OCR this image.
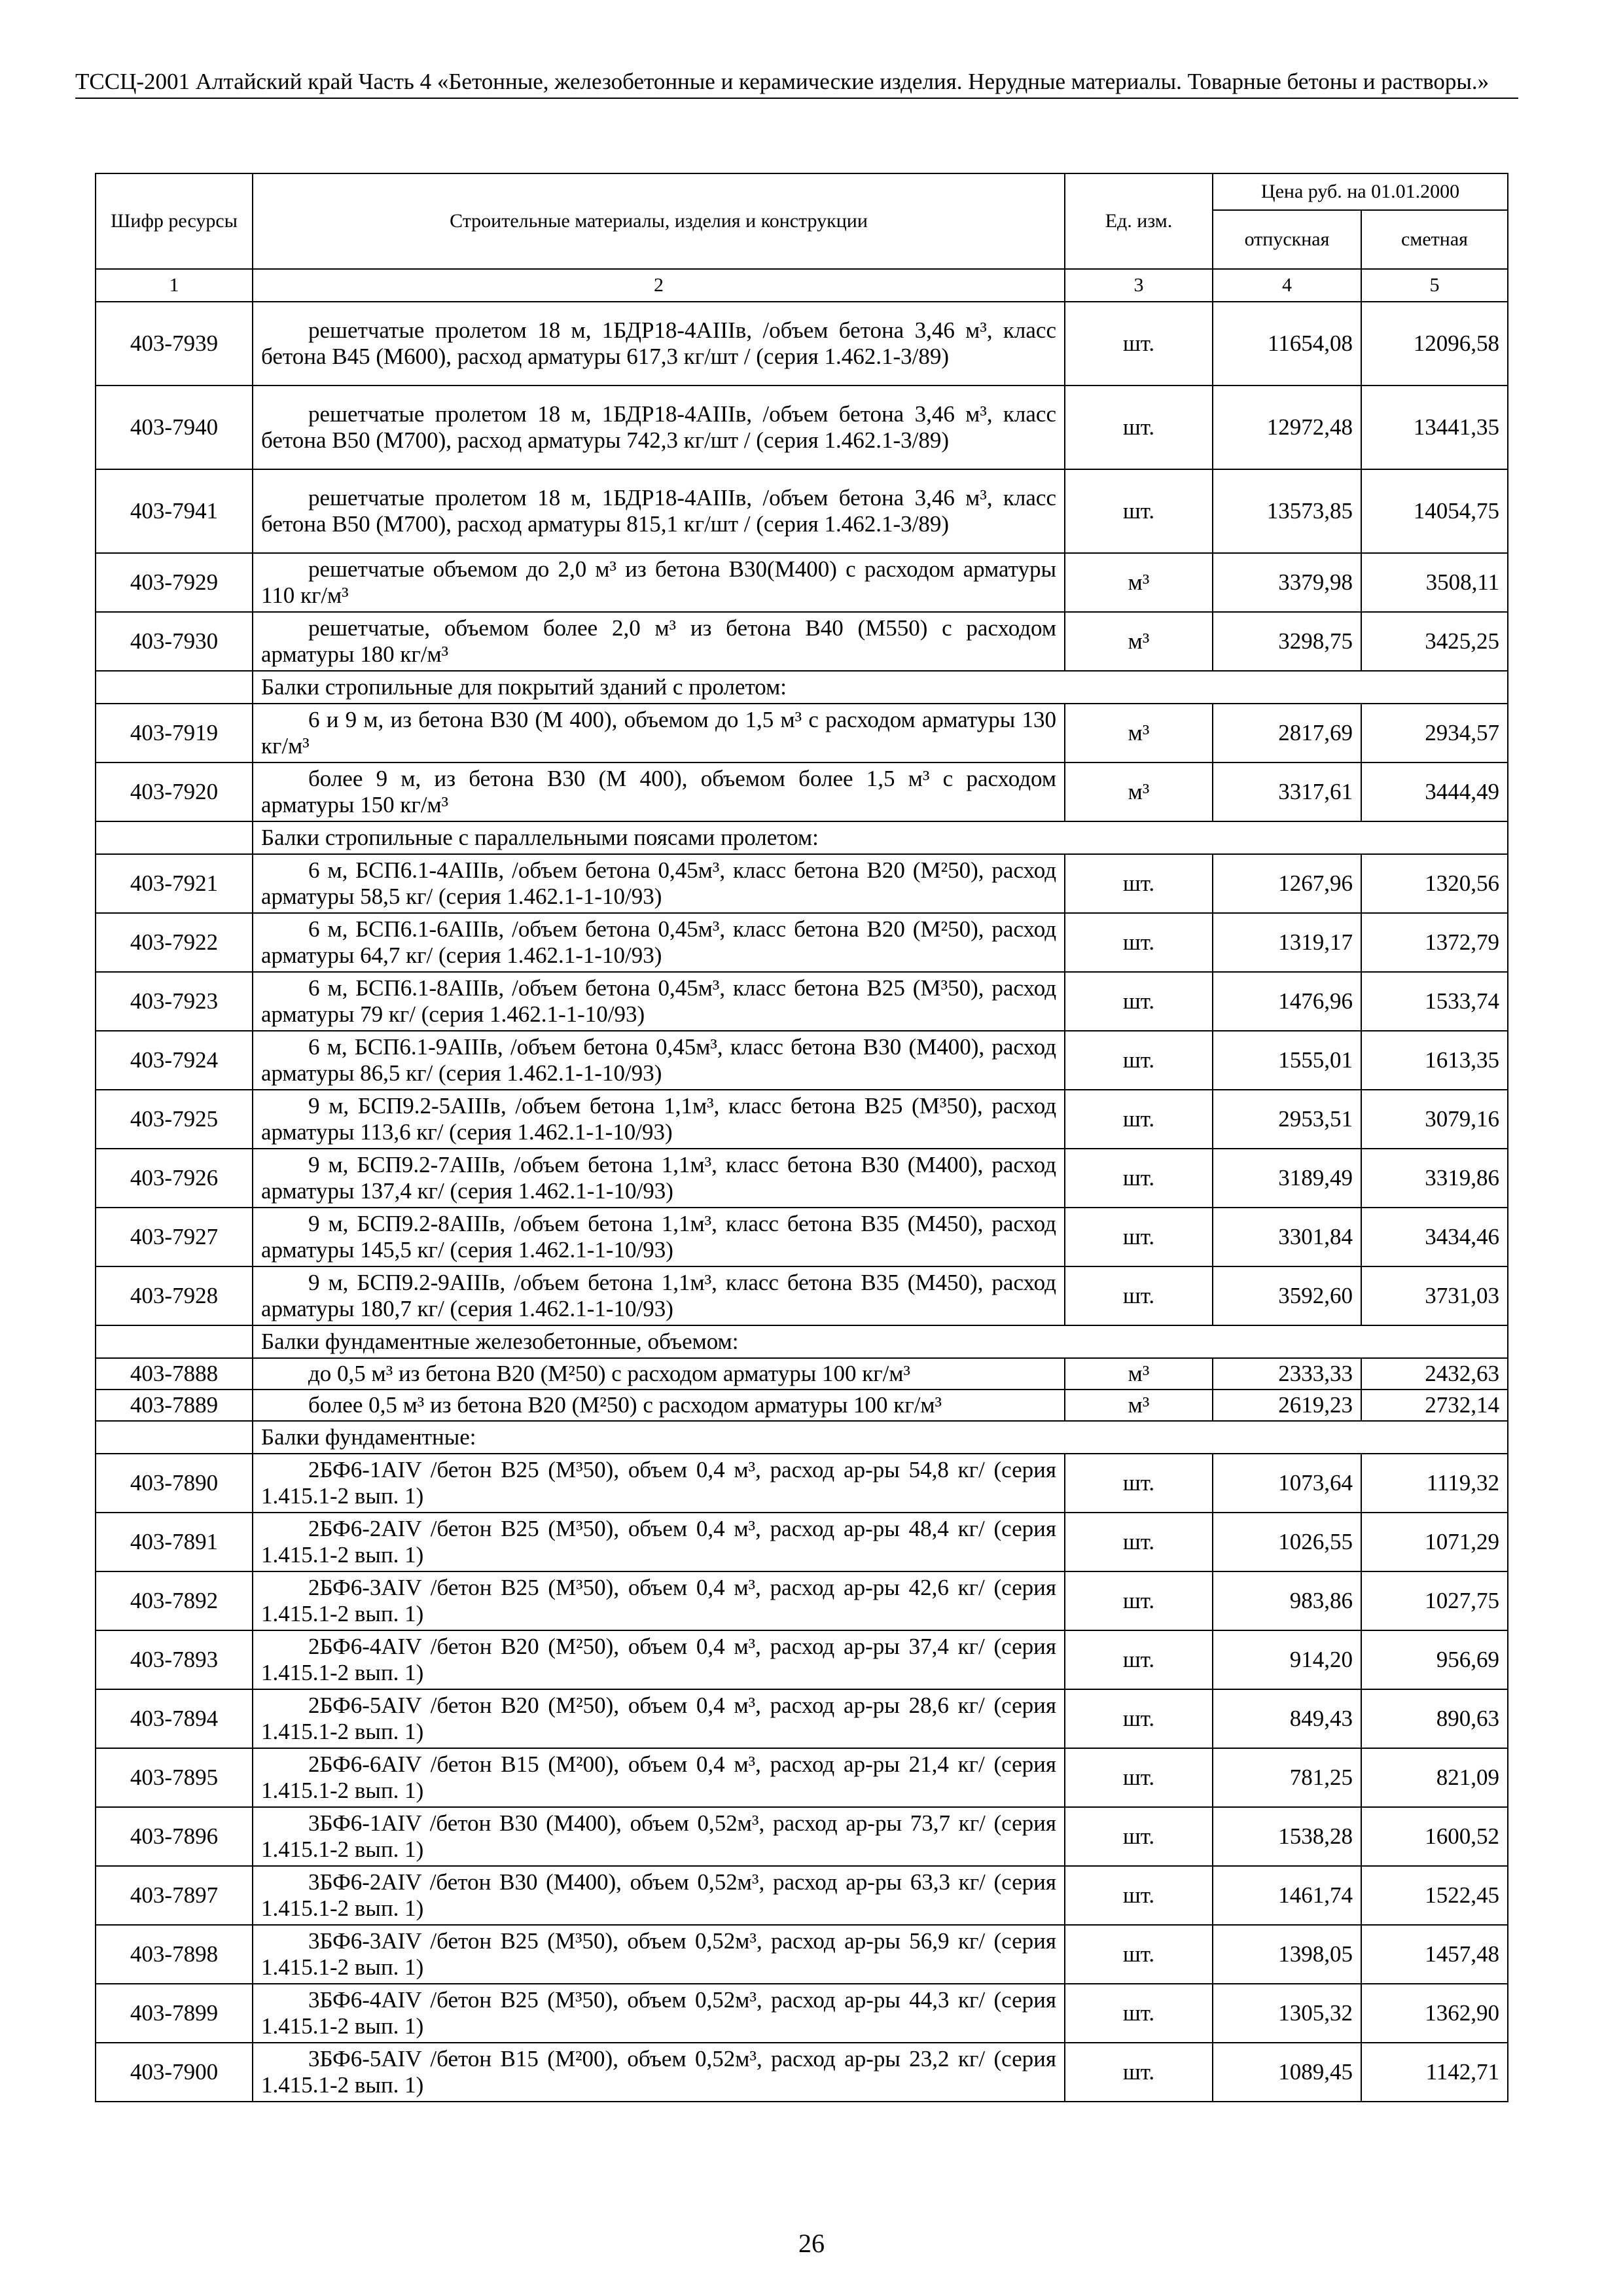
ТССЦ-2001 Алтайский край Часть 4 «Бетонные, железобетонные и керамические изделия. Нерудные материалы. Товарные бетоны и растворы.»
Шифр ресурсы	Строительные материалы, изделия и конструкции	Ед. изм.	Цена руб. на 01.01.2000	
			отпускная	сметная
1	2	3	4	5
403-7939	решетчатые пролетом 18 м, 1БДР18-4АIIIв, /объем бетона 3,46 м³, класс бетона В45 (М600), расход арматуры 617,3 кг/шт / (серия 1.462.1-3/89)	шт.	11654,08	12096,58
403-7940	решетчатые пролетом 18 м, 1БДР18-4АIIIв, /объем бетона 3,46 м³, класс бетона В50 (М700), расход арматуры 742,3 кг/шт / (серия 1.462.1-3/89)	шт.	12972,48	13441,35
403-7941	решетчатые пролетом 18 м, 1БДР18-4АIIIв, /объем бетона 3,46 м³, класс бетона В50 (М700), расход арматуры 815,1 кг/шт / (серия 1.462.1-3/89)	шт.	13573,85	14054,75
403-7929	решетчатые объемом до 2,0 м³ из бетона В30(М400) с расходом арматуры 110 кг/м³	м³	3379,98	3508,11
403-7930	решетчатые, объемом более 2,0 м³ из бетона В40 (М550) с расходом арматуры 180 кг/м³	м³	3298,75	3425,25
	Балки стропильные для покрытий зданий с пролетом:			
403-7919	6 и 9 м, из бетона В30 (М 400), объемом до 1,5 м³ с расходом арматуры 130 кг/м³	м³	2817,69	2934,57
403-7920	более 9 м, из бетона В30 (М 400), объемом более 1,5 м³ с расходом арматуры 150 кг/м³	м³	3317,61	3444,49
	Балки стропильные с параллельными поясами пролетом:			
403-7921	6 м, БСП6.1-4АIIIв, /объем бетона 0,45м³, класс бетона В20 (М²50), расход арматуры 58,5 кг/ (серия 1.462.1-1-10/93)	шт.	1267,96	1320,56
403-7922	6 м, БСП6.1-6АIIIв, /объем бетона 0,45м³, класс бетона В20 (М²50), расход арматуры 64,7 кг/ (серия 1.462.1-1-10/93)	шт.	1319,17	1372,79
403-7923	6 м, БСП6.1-8АIIIв, /объем бетона 0,45м³, класс бетона В25 (М³50), расход арматуры 79 кг/ (серия 1.462.1-1-10/93)	шт.	1476,96	1533,74
403-7924	6 м, БСП6.1-9АIIIв, /объем бетона 0,45м³, класс бетона В30 (М400), расход арматуры 86,5 кг/ (серия 1.462.1-1-10/93)	шт.	1555,01	1613,35
403-7925	9 м, БСП9.2-5АIIIв, /объем бетона 1,1м³, класс бетона В25 (М³50), расход арматуры 113,6 кг/ (серия 1.462.1-1-10/93)	шт.	2953,51	3079,16
403-7926	9 м, БСП9.2-7АIIIв, /объем бетона 1,1м³, класс бетона В30 (М400), расход арматуры 137,4 кг/ (серия 1.462.1-1-10/93)	шт.	3189,49	3319,86
403-7927	9 м, БСП9.2-8АIIIв, /объем бетона 1,1м³, класс бетона В35 (М450), расход арматуры 145,5 кг/ (серия 1.462.1-1-10/93)	шт.	3301,84	3434,46
403-7928	9 м, БСП9.2-9АIIIв, /объем бетона 1,1м³, класс бетона В35 (М450), расход арматуры 180,7 кг/ (серия 1.462.1-1-10/93)	шт.	3592,60	3731,03
	Балки фундаментные железобетонные, объемом:			
403-7888	до 0,5 м³ из бетона В20 (М²50) с расходом арматуры 100 кг/м³	м³	2333,33	2432,63
403-7889	более 0,5 м³ из бетона В20 (М²50) с расходом арматуры 100 кг/м³	м³	2619,23	2732,14
	Балки фундаментные:			
403-7890	2БФ6-1АIV /бетон В25 (М³50), объем 0,4 м³, расход ар-ры 54,8 кг/ (серия 1.415.1-2 вып. 1)	шт.	1073,64	1119,32
403-7891	2БФ6-2АIV /бетон В25 (М³50), объем 0,4 м³, расход ар-ры 48,4 кг/ (серия 1.415.1-2 вып. 1)	шт.	1026,55	1071,29
403-7892	2БФ6-3АIV /бетон В25 (М³50), объем 0,4 м³, расход ар-ры 42,6 кг/ (серия 1.415.1-2 вып. 1)	шт.	983,86	1027,75
403-7893	2БФ6-4АIV /бетон В20 (М²50), объем 0,4 м³, расход ар-ры 37,4 кг/ (серия 1.415.1-2 вып. 1)	шт.	914,20	956,69
403-7894	2БФ6-5АIV /бетон В20 (М²50), объем 0,4 м³, расход ар-ры 28,6 кг/ (серия 1.415.1-2 вып. 1)	шт.	849,43	890,63
403-7895	2БФ6-6АIV /бетон В15 (М²00), объем 0,4 м³, расход ар-ры 21,4 кг/ (серия 1.415.1-2 вып. 1)	шт.	781,25	821,09
403-7896	3БФ6-1АIV /бетон В30 (М400), объем 0,52м³, расход ар-ры 73,7 кг/ (серия 1.415.1-2 вып. 1)	шт.	1538,28	1600,52
403-7897	3БФ6-2АIV /бетон В30 (М400), объем 0,52м³, расход ар-ры 63,3 кг/ (серия 1.415.1-2 вып. 1)	шт.	1461,74	1522,45
403-7898	3БФ6-3АIV /бетон В25 (М³50), объем 0,52м³, расход ар-ры 56,9 кг/ (серия 1.415.1-2 вып. 1)	шт.	1398,05	1457,48
403-7899	3БФ6-4АIV /бетон В25 (М³50), объем 0,52м³, расход ар-ры 44,3 кг/ (серия 1.415.1-2 вып. 1)	шт.	1305,32	1362,90
403-7900	3БФ6-5АIV /бетон В15 (М²00), объем 0,52м³, расход ар-ры 23,2 кг/ (серия 1.415.1-2 вып. 1)	шт.	1089,45	1142,71
26
